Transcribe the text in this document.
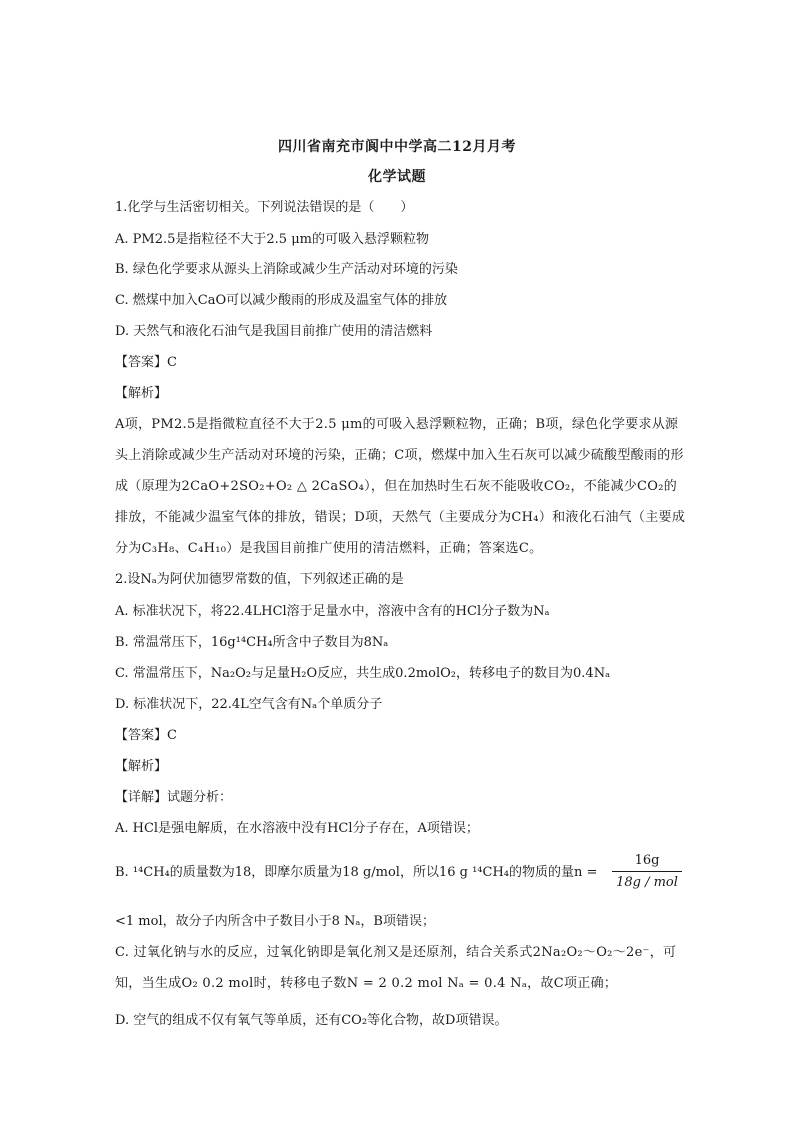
四川省南充市阆中中学高二12月月考
化学试题
1.化学与生活密切相关。下列说法错误的是（　　）
A. PM2.5是指粒径不大于2.5 μm的可吸入悬浮颗粒物
B. 绿色化学要求从源头上消除或减少生产活动对环境的污染
C. 燃煤中加入CaO可以减少酸雨的形成及温室气体的排放
D. 天然气和液化石油气是我国目前推广使用的清洁燃料
【答案】C
【解析】
A项，PM2.5是指微粒直径不大于2.5 μm的可吸入悬浮颗粒物，正确；B项，绿色化学要求从源头上消除或减少生产活动对环境的污染，正确；C项，燃煤中加入生石灰可以减少硫酸型酸雨的形成（原理为2CaO+2SO₂+O₂ △ 2CaSO₄），但在加热时生石灰不能吸收CO₂，不能减少CO₂的排放，不能减少温室气体的排放，错误；D项，天然气（主要成分为CH₄）和液化石油气（主要成分为C₃H₈、C₄H₁₀）是我国目前推广使用的清洁燃料，正确；答案选C。
2.设Nₐ为阿伏加德罗常数的值，下列叙述正确的是
A. 标准状况下，将22.4LHCl溶于足量水中，溶液中含有的HCl分子数为Nₐ
B. 常温常压下，16g¹⁴CH₄所含中子数目为8Nₐ
C. 常温常压下，Na₂O₂与足量H₂O反应，共生成0.2molO₂，转移电子的数目为0.4Nₐ
D. 标准状况下，22.4L空气含有Nₐ个单质分子
【答案】C
【解析】
【详解】试题分析：
A. HCl是强电解质，在水溶液中没有HCl分子存在，A项错误；
B. ¹⁴CH₄的质量数为18，即摩尔质量为18 g/mol，所以16 g ¹⁴CH₄的物质的量n =
16g
18g / mol
<1 mol，故分子内所含中子数目小于8 Nₐ，B项错误；
C. 过氧化钠与水的反应，过氧化钠即是氧化剂又是还原剂，结合关系式2Na₂O₂～O₂～2e⁻，可知，当生成O₂ 0.2 mol时，转移电子数N = 2 0.2 mol Nₐ = 0.4 Nₐ，故C项正确；
D. 空气的组成不仅有氧气等单质，还有CO₂等化合物，故D项错误。
